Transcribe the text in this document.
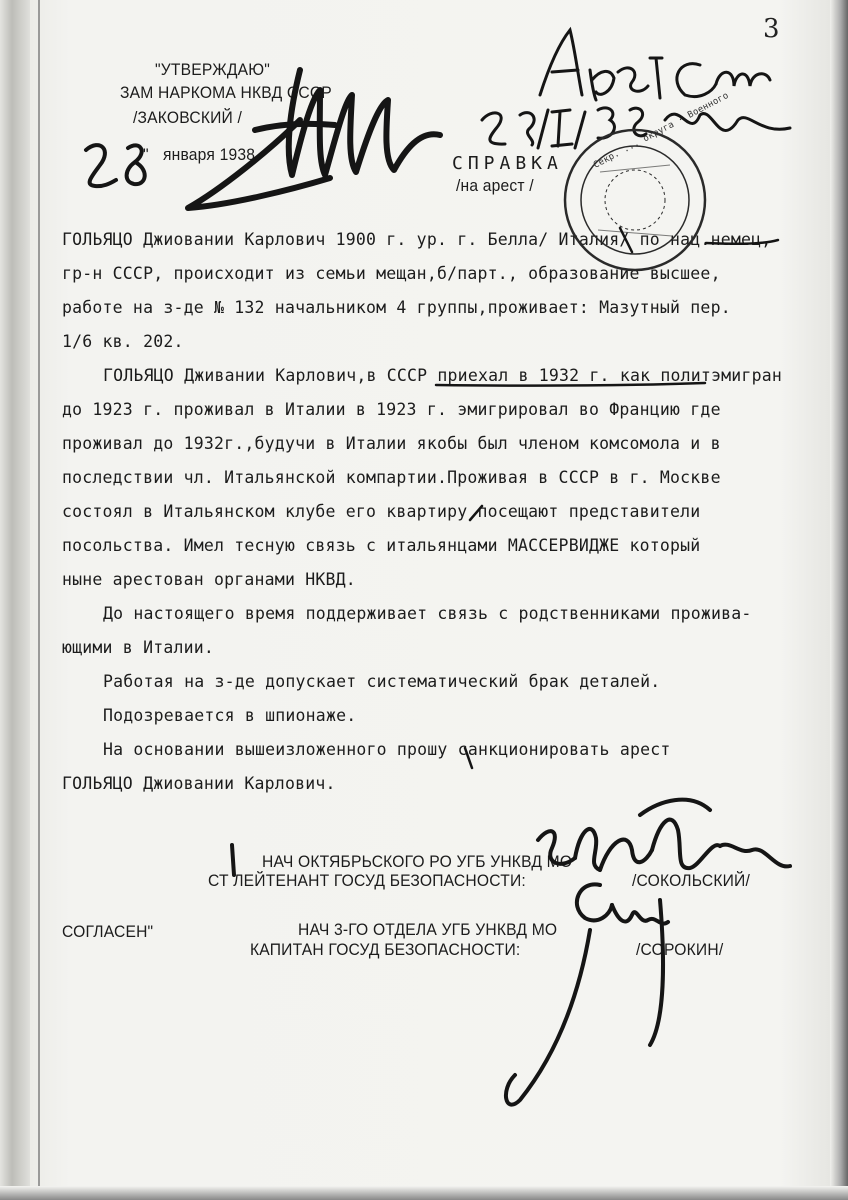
3
"УТВЕРЖДАЮ"
ЗАМ НАРКОМА НКВД СССР
/ЗАКОВСКИЙ /
" января 1938	СПРАВКА
/на арест /
ГОЛЬЯЦО Джиовании Карлович 1900 г. ур. г. Белла/ Италия/ по нац.немец,
гр-н СССР, происходит из семьи мещан,б/парт., образование высшее,
работе на з-де № 132 начальником 4 группы,проживает: Мазутный пер.
1/6 кв. 202.
ГОЛЬЯЦО Дживании Карлович,в СССР приехал в 1932 г. как политэмигран
до 1923 г. проживал в Италии в 1923 г. эмигрировал во Францию где
проживал до 1932г.,будучи в Италии якобы был членом комсомола и в
последствии чл. Итальянской компартии.Проживая в СССР в г. Москве
состоял в Итальянском клубе его квартиру посещают представители
посольства. Имел тесную связь с итальянцами МАССЕРВИДЖЕ который
ныне арестован органами НКВД.
До настоящего время поддерживает связь с родственниками прожива-
ющими в Италии.
Работая на з-де допускает систематический брак деталей.
Подозревается в шпионаже.
На основании вышеизложенного прошу санкционировать арест
ГОЛЬЯЦО Джиовании Карлович.
НАЧ ОКТЯБРЬСКОГО РО УГБ УНКВД МО
СТ ЛЕЙТЕНАНТ ГОСУД БЕЗОПАСНОСТИ:	/СОКОЛЬСКИЙ/
СОГЛАСЕН"	НАЧ 3-ГО ОТДЕЛА УГБ УНКВД МО
КАПИТАН ГОСУД БЕЗОПАСНОСТИ:	/СОРОКИН/
Секр. ... округа · Военного
